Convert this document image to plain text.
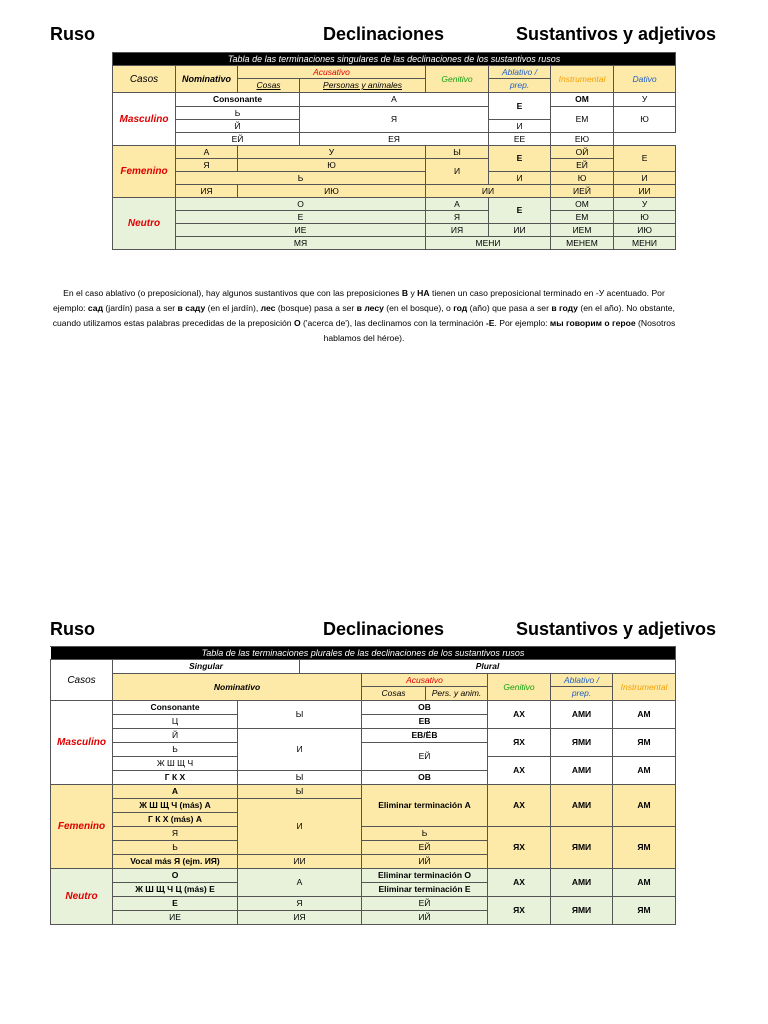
Ruso	Declinaciones	Sustantivos y adjetivos
Tabla de las terminaciones singulares de las declinaciones de los sustantivos rusos							
Casos	Nominativo	Acusativo		Genitivo	Ablativo /	Instrumental	Dativo
		Cosas	Personas y animales		prep.		
Masculino	Consonante		А		Е	ОМ	У
	Ь		Я			ЕМ	Ю
	Й				И		
	ЕЙ		ЕЯ		ЕЕ	ЕЮ	
Femenino	А	У		Ы	Е	ОЙ	Е
	Я	Ю		И		ЕЙ	
	Ь				И	Ю	И
	ИЯ	ИЮ		ИИ		ИЕЙ	ИИ
Neutro	О			А	Е	ОМ	У
	Е			Я		ЕМ	Ю
	ИЕ			ИЯ	ИИ	ИЕМ	ИЮ
	МЯ			МЕНИ		МЕНЕМ	МЕНИ
En el caso ablativo (o preposicional), hay algunos sustantivos que con las preposiciones В y НА tienen un caso preposicional terminado en -У acentuado. Por ejemplo: сад (jardín) pasa a ser в саду (en el jardín), лес (bosque) pasa a ser в лесу (en el bosque), o год (año) que pasa a ser в году (en el año). No obstante, cuando utilizamos estas palabras precedidas de la preposición О ('acerca de'), las declinamos con la terminación -Е. Por ejemplo: мы говорим о герое (Nosotros hablamos del héroe).
Ruso	Declinaciones	Sustantivos y adjetivos
Tabla de las terminaciones plurales de las declinaciones de los sustantivos rusos									
Casos	Singular		Plural						
	Nominativo			Acusativo		Genitivo	Ablativo /	Instrumental	
				Cosas	Pers. y anim.		prep.		
Masculino	Consonante	Ы		ОВ		АХ	АМИ	АМ	
	Ц			ЕВ					
	Й	И		ЕВ/ЁВ		ЯХ	ЯМИ	ЯМ	
	Ь			ЕЙ					
	Ж Ш Щ Ч					АХ	АМИ	АМ	
	Г К Х	Ы		ОВ					
Femenino	А	Ы		Eliminar terminación А		АХ	АМИ	АМ	
	Ж Ш Щ Ч (más) А	И							
	Г К Х (más) А								
	Я			Ь		ЯХ	ЯМИ	ЯМ	
	Ь			ЕЙ					
	Vocal más Я (ejm. ИЯ)	ИИ		ИЙ					
Neutro	О	А		Eliminar terminación О		АХ	АМИ	АМ	
	Ж Ш Щ Ч Ц (más) Е			Eliminar terminación Е					
	Е	Я		ЕЙ		ЯХ	ЯМИ	ЯМ	
	ИЕ	ИЯ		ИЙ					
